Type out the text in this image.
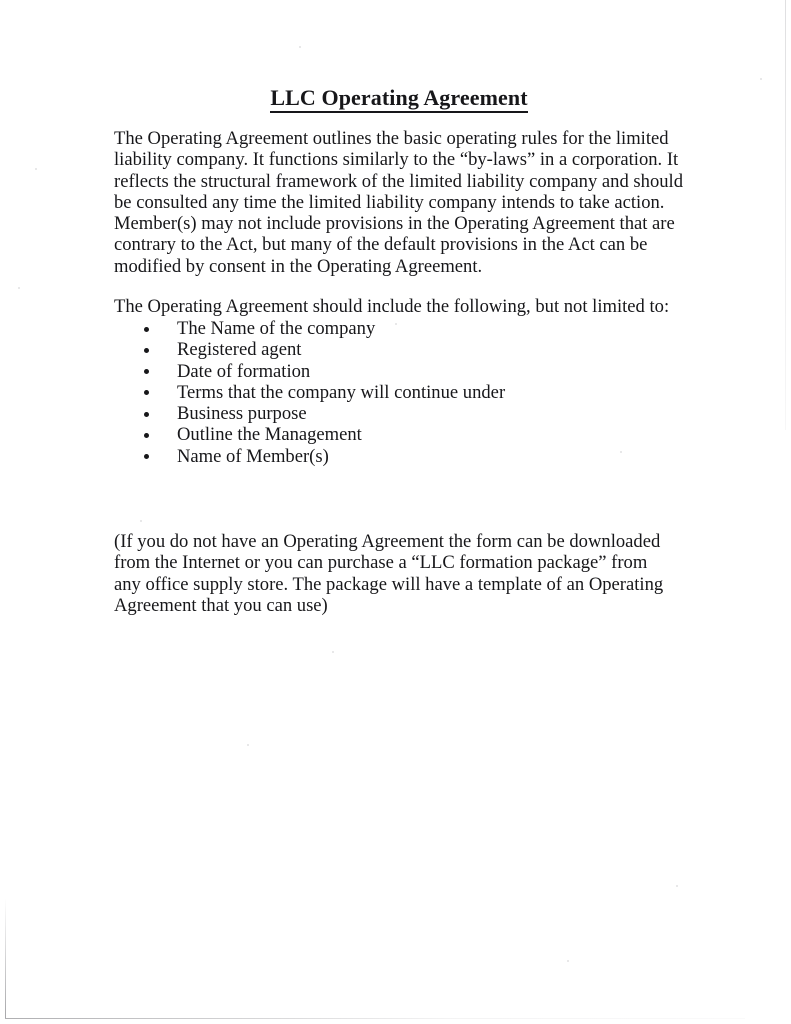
LLC Operating Agreement

The Operating Agreement outlines the basic operating rules for the limited liability company. It functions similarly to the “by-laws” in a corporation. It reflects the structural framework of the limited liability company and should be consulted any time the limited liability company intends to take action. Member(s) may not include provisions in the Operating Agreement that are contrary to the Act, but many of the default provisions in the Act can be modified by consent in the Operating Agreement.

The Operating Agreement should include the following, but not limited to:

The Name of the company
Registered agent
Date of formation
Terms that the company will continue under
Business purpose
Outline the Management
Name of Member(s)

(If you do not have an Operating Agreement the form can be downloaded from the Internet or you can purchase a “LLC formation package” from any office supply store. The package will have a template of an Operating Agreement that you can use)
